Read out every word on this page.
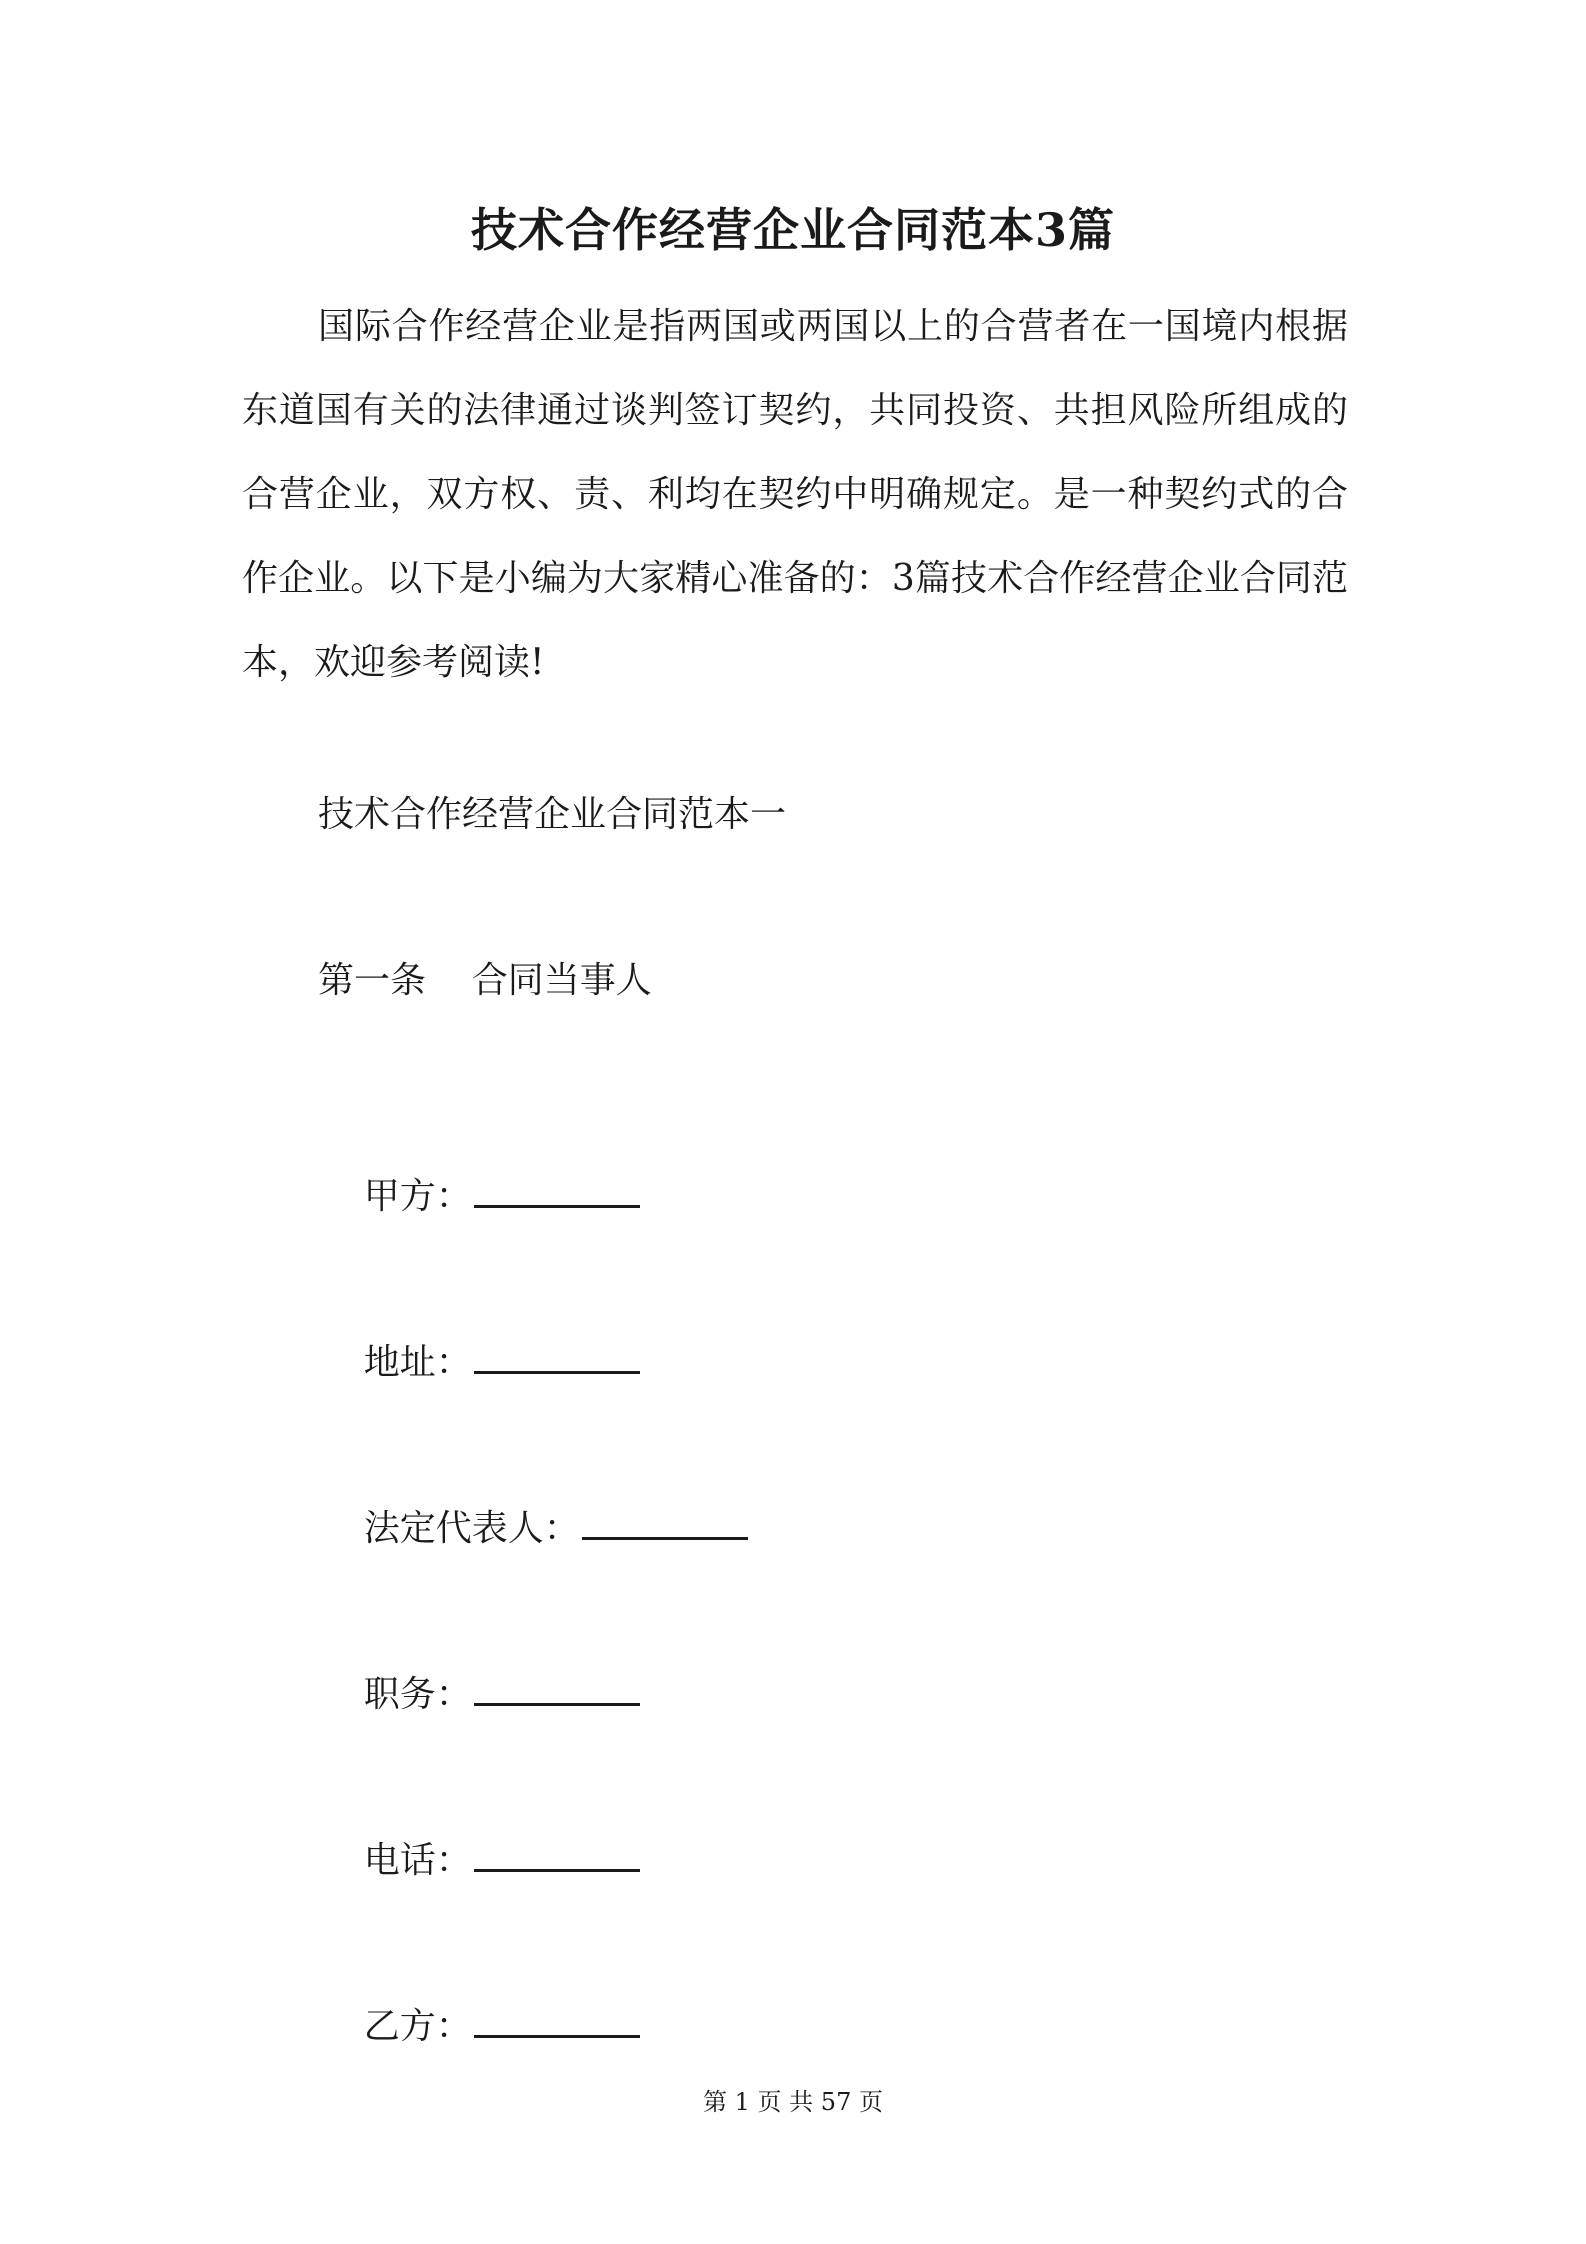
技术合作经营企业合同范本3篇

国际合作经营企业是指两国或两国以上的合营者在一国境内根据东道国有关的法律通过谈判签订契约，共同投资、共担风险所组成的合营企业，双方权、责、利均在契约中明确规定。是一种契约式的合作企业。以下是小编为大家精心准备的：3篇技术合作经营企业合同范本，欢迎参考阅读!

技术合作经营企业合同范本一
第一条    合同当事人

甲方：

地址：

法定代表人：

职务：

电话：

乙方：

第 1 页 共 57 页
